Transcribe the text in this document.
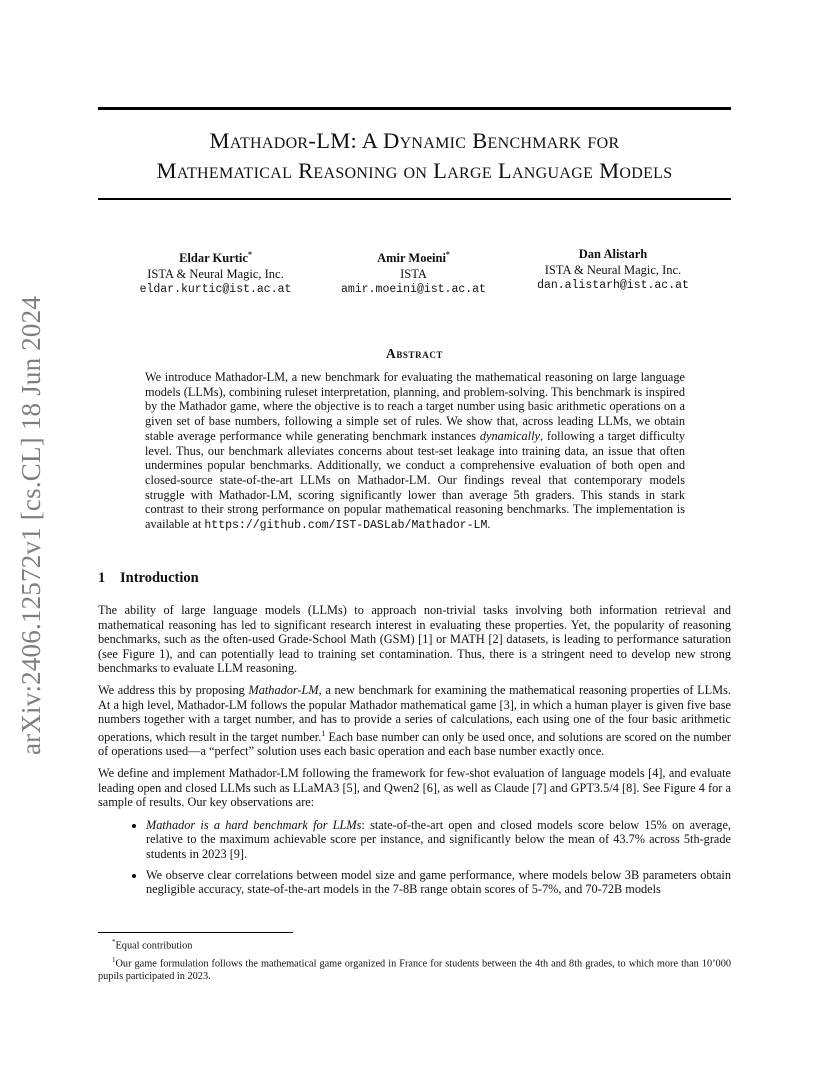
arXiv:2406.12572v1 [cs.CL] 18 Jun 2024
Mathador-LM: A Dynamic Benchmark for
Mathematical Reasoning on Large Language Models
Eldar Kurtic*
ISTA & Neural Magic, Inc.
eldar.kurtic@ist.ac.at
Amir Moeini*
ISTA
amir.moeini@ist.ac.at
Dan Alistarh
ISTA & Neural Magic, Inc.
dan.alistarh@ist.ac.at
Abstract
We introduce Mathador-LM, a new benchmark for evaluating the mathematical reasoning on large language models (LLMs), combining ruleset interpretation, planning, and problem-solving. This benchmark is inspired by the Mathador game, where the objective is to reach a target number using basic arithmetic operations on a given set of base numbers, following a simple set of rules. We show that, across leading LLMs, we obtain stable average performance while generating benchmark instances dynamically, following a target difficulty level. Thus, our benchmark alleviates concerns about test-set leakage into training data, an issue that often undermines popular benchmarks. Additionally, we conduct a comprehensive evaluation of both open and closed-source state-of-the-art LLMs on Mathador-LM. Our findings reveal that contemporary models struggle with Mathador-LM, scoring significantly lower than average 5th graders. This stands in stark contrast to their strong performance on popular mathematical reasoning benchmarks. The implementation is available at https://github.com/IST-DASLab/Mathador-LM.
1 Introduction

The ability of large language models (LLMs) to approach non-trivial tasks involving both information retrieval and mathematical reasoning has led to significant research interest in evaluating these properties. Yet, the popularity of reasoning benchmarks, such as the often-used Grade-School Math (GSM) [1] or MATH [2] datasets, is leading to performance saturation (see Figure 1), and can potentially lead to training set contamination. Thus, there is a stringent need to develop new strong benchmarks to evaluate LLM reasoning.

We address this by proposing Mathador-LM, a new benchmark for examining the mathematical reasoning properties of LLMs. At a high level, Mathador-LM follows the popular Mathador mathematical game [3], in which a human player is given five base numbers together with a target number, and has to provide a series of calculations, each using one of the four basic arithmetic operations, which result in the target number.$^1$ Each base number can only be used once, and solutions are scored on the number of operations used—a “perfect” solution uses each basic operation and each base number exactly once.

We define and implement Mathador-LM following the framework for few-shot evaluation of language models [4], and evaluate leading open and closed LLMs such as LLaMA3 [5], and Qwen2 [6], as well as Claude [7] and GPT3.5/4 [8]. See Figure 4 for a sample of results. Our key observations are:

• Mathador is a hard benchmark for LLMs: state-of-the-art open and closed models score below 15% on average, relative to the maximum achievable score per instance, and significantly below the mean of 43.7% across 5th-grade students in 2023 [9].
• We observe clear correlations between model size and game performance, where models below 3B parameters obtain negligible accuracy, state-of-the-art models in the 7-8B range obtain scores of 5-7%, and 70-72B models

*Equal contribution

$^1$Our game formulation follows the mathematical game organized in France for students between the 4th and 8th grades, to which more than 10’000 pupils participated in 2023.
